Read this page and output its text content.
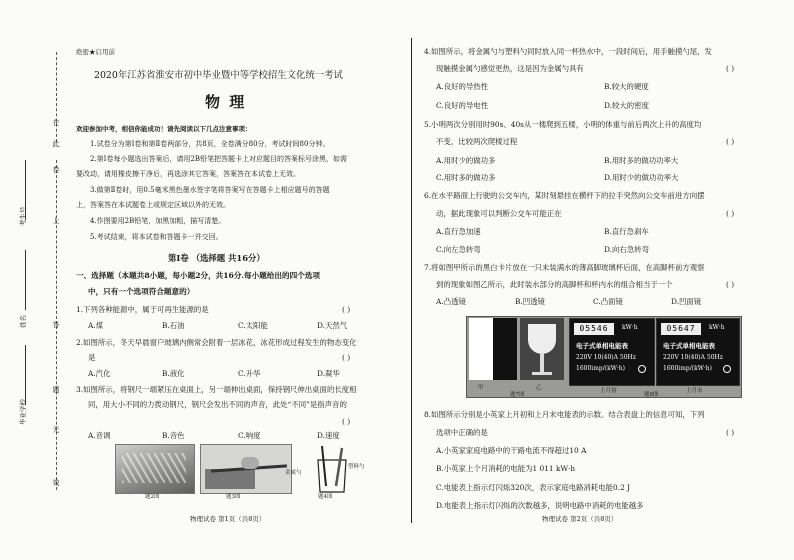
在
此
卷
上
答
题
无
效
考生号
姓名
毕业学校
绝密★启用前
2020年江苏省淮安市初中毕业暨中等学校招生文化统一考试
物 理
欢迎参加中考，相信你能成功！请先阅读以下几点注意事项：
1.试卷分为第Ⅰ卷和第Ⅱ卷两部分，共8页，全卷满分80分，考试时间80分钟。
2.第Ⅰ卷每小题选出答案后，请用2B铅笔把答题卡上对应题目的答案标号涂黑，如需
要改动，请用橡皮擦干净后，再选涂其它答案，答案答在本试卷上无效。
3.做第Ⅱ卷时，用0.5毫米黑色墨水签字笔将答案写在答题卡上相应题号的答题
上，答案答在本试题卷上或规定区域以外的无效。
4.作图要用2B铅笔，加黑加粗，描写清楚。
5.考试结束，将本试卷和答题卡一并交回。
第Ⅰ卷 （选择题 共16分）
一、选择题（本题共8小题，每小题2分，共16分.每小题给出的四个选项
中，只有一个选项符合题意的）
1.下列各种能源中，属于可再生能源的是	( )
A.煤	B.石油	C.太阳能	D.天然气
2.如图所示，冬天早晨窗户玻璃内侧常会附着一层冰花，冰花形成过程发生的物态变化
是	( )
A.汽化	B.液化	C.升华	D.凝华
3.如图所示，将钢尺一端紧压在桌面上，另一端伸出桌面，保持钢尺伸出桌面的长度相
同，用大小不同的力拨动钢尺，钢尺会发出不同的声音，此处“不同”是指声音的
( )
A.音调	B.音色	C.响度	D.速度
题2图	题3图
金属勺
塑料勺
题4图
物理试卷 第1页（共8页）
4.如图所示，将金属勺与塑料勺同时放入同一杯热水中，一段时间后，用手触摸勺尾，发
现触摸金属勺感觉更热，这是因为金属勺具有	( )
A.良好的导热性	B.较大的硬度
C.良好的导电性	D.较大的密度
5.小明两次分别用时90s、40s从一楼爬到五楼，小明的体重与前后两次上升的高度均
不变，比较两次爬楼过程	( )
A.用时少的做功多	B.用时多的做功功率大
C.用时多的做功多	D.用时少的做功功率大
6.在水平路面上行驶的公交车内，某时刻悬挂在横杆下的拉手突然向公交车前进方向摆
动，据此现象可以判断公交车可能正在	( )
A.直行急加速	B.直行急刹车
C.向左急转弯	D.向右急转弯
7.将如图甲所示的黑白卡片放在一只未装满水的薄高脚玻璃杯后面，在高脚杯前方观察
到的现象如图乙所示，此时装水部分的高脚杯和杯内水的组合相当于一个	( )
A.凸透镜	B.凹透镜	C.凸面镜	D.凹面镜
甲	乙
05546	kW·h
电子式单相电能表
220V 10(40)A 50Hz
1600imp/(kW·h)
上月初
05647	kW·h
电子式单相电能表
220V 10(40)A 50Hz
1600imp/(kW·h)
上月末
题7图	题8图
8.如图所示分别是小英家上月初和上月末电能表的示数。结合表盘上的信息可知，下列
选项中正确的是	( )
A.小英家家庭电路中的干路电流不得超过10 A
B.小英家上个月消耗的电能为1 011 kW·h
C.电能表上指示灯闪烁320次，表示家庭电路消耗电能0.2 J
D.电能表上指示灯闪烁的次数越多，说明电路中消耗的电能越多
物理试卷 第2页（共8页）
